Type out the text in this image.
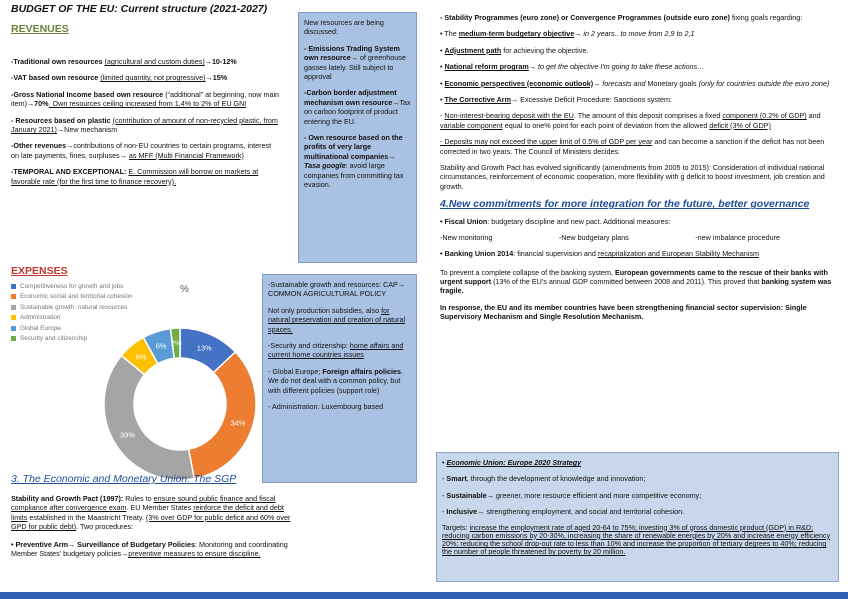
BUDGET OF THE EU: Current structure (2021-2027)
REVENUES

-Traditional own resources (agricultural and custom duties)→10-12%

-VAT based own resource (limited quantity, not progressive)→15%

-Gross National Income based own resource (“additional” at beginning, now main item)→70%. Own resources ceiling increased from 1,4% to 2% of EU GNI

- Resources based on plastic (contribution of amount of non-recycled plastic, from January 2021)→New mechanism

-Other revenues→contributions of non-EU countries to certain programs, interest on late payments, fines, surpluses→ as MFF (Multi Financial Framework)

-TEMPORAL AND EXCEPTIONAL: E. Commission will borrow on markets at favorable rate (for the first time to finance recovery).

EXPENSES
Competitiveness for growth and jobs
Economic social and territorial cohesion
Sustainable growth: natural resources
Administration
Global Europe
Security and citizenship
%
13%
34%
39%
6%
6% 2%
3. The Economic and Monetary Union: The SGP

Stability and Growth Pact (1997): Rules to ensure sound public finance and fiscal compliance after convergence exam. EU Member States reinforce the deficit and debt limits established in the Maastricht Treaty. (3% over GDP for public deficit and 60% over GPD for public debt). Two procedures:

• Preventive Arm→ Surveillance of Budgetary Policies: Monitoring and coordinating Member States' budgetary policies→preventive measures to ensure discipline.

New resources are being discussed:

- Emissions Trading System own resource→ of greenhouse gasses lately. Still subject to approval

-Carbon border adjustment mechanism own resource→Tax on carbon footprint of product entering the EU.

- Own resource based on the profits of very large multinational companies→ Tasa google: avoid large companies from committing tax evasion.

-Sustainable growth and resources: CAP→ COMMON AGRICULTURAL POLICY

Not only production subsidies, also for natural preservation and creation of natural spaces.

-Security and citizenship: home affairs and current home countries issues

- Global Europe; Foreign affairs policies. We do not deal with a common policy, but with different policies (support role)

- Administration: Luxembourg based

- Stability Programmes (euro zone) or Convergence Programmes (outside euro zone) fixing goals regarding:

• The medium-term budgetary objective→ in 2 years.. to move from 2,9 to 2,1

• Adjustment path for achieving the objective.

• National reform program→ to get the objective I'm going to take these actions…

• Economic perspectives (economic outlook)→ forecasts and Monetary goals (only for countries outside the euro zone)

• The Corrective Arm→ Excessive Deficit Procedure: Sanctions system:

- Non-interest-bearing deposit with the EU. The amount of this deposit comprises a fixed component (0.2% of GDP) and variable component equal to one% point for each point of deviation from the allowed deficit (3% of GDP)

- Deposits may not exceed the upper limit of 0.5% of GDP per year and can become a sanction if the deficit has not been corrected in two years. The Council of Ministers decides.

Stability and Growth Pact has evolved significantly (amendments from 2005 to 2015): Consideration of individual national circumstances, reinforcement of economic cooperation, more flexibility with ġ deficit to boost investment, job creation and growth.

4.New commitments for more integration for the future, better governance

• Fiscal Union: budgetary discipline and new pact. Additional measures:

-New monitoring	-New budgetary plans	-new imbalance procedure

• Banking Union 2014: financial supervision and recapitalization and European Stability Mechanism

To prevent a complete collapse of the banking system, European governments came to the rescue of their banks with urgent support (13% of the EU's annual GDP committed between 2008 and 2011). This proved that banking system was fragile.

In response, the EU and its member countries have been strengthening financial sector supervision: Single Supervisory Mechanism and Single Resolution Mechanism.

• Economic Union: Europe 2020 Strategy

- Smart, through the development of knowledge and innovation;

- Sustainable→ greener, more resource efficient and more competitive economy;

- Inclusive→ strengthening employment, and social and territorial cohesion.

Targets: increase the employment rate of aged 20-64 to 75%; investing 3% of gross domestic product (GDP) in R&D; reducing carbon emissions by 20-30%, increasing the share of renewable energies by 20% and increase energy efficiency 20%; reducing the school drop-out rate to less than 10% and increase the proportion of tertiary degrees to 40%; reducing the number of people threatened by poverty by 20 million.
